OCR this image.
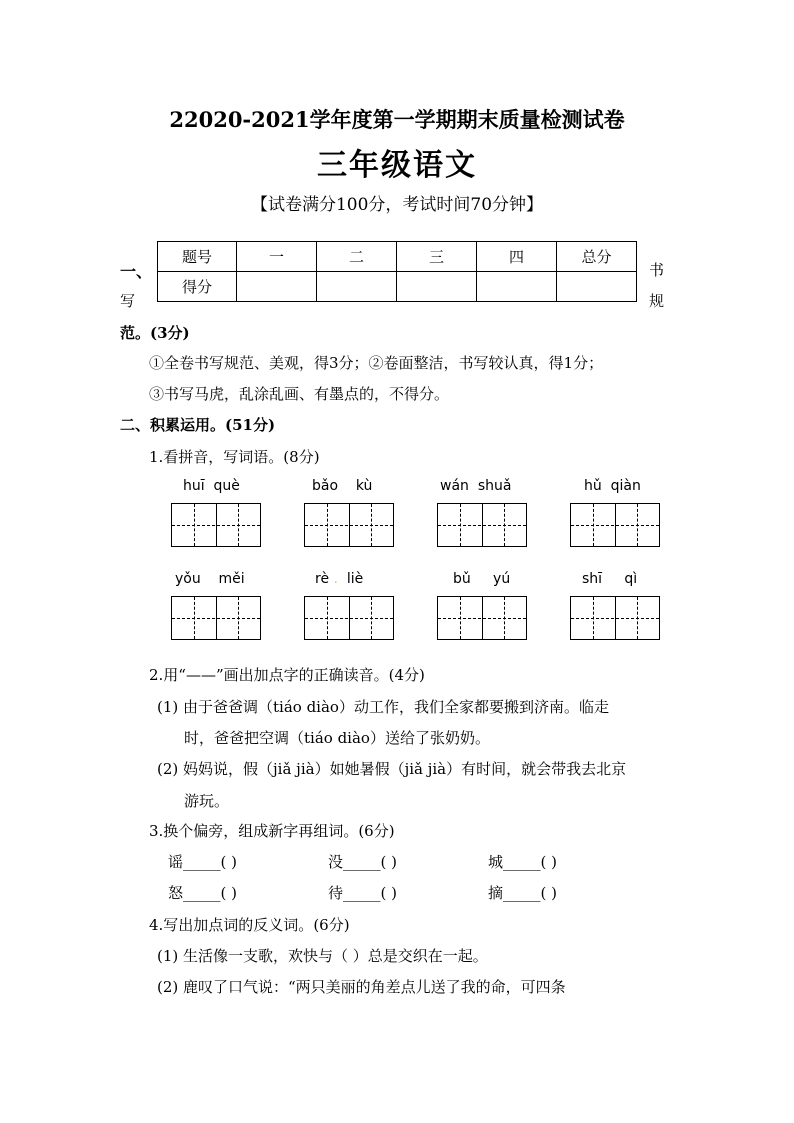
22020-2021学年度第一学期期末质量检测试卷
三年级语文
【试卷满分100分，考试时间70分钟】
一、
写
书
规
题号	一	二	三	四	总分
得分					
范。(3分)
①全卷书写规范、美观，得3分；②卷面整洁，书写较认真，得1分；
③书写马虎，乱涂乱画、有墨点的，不得分。
二、积累运用。(51分)
1.看拼音，写词语。(8分)
huī què	bǎo kù	wán shuǎ	hǔ qiàn
yǒu měi	rè . liè	bǔ yú	shī qì
2.用“——”画出加点字的正确读音。(4分)
(1) 由于爸爸调（tiáo diào）动工作，我们全家都要搬到济南。临走
时，爸爸把空调（tiáo diào）送给了张奶奶。
(2) 妈妈说，假（jiǎ jià）如她暑假（jiǎ jià）有时间，就会带我去北京
游玩。
3.换个偏旁，组成新字再组词。(6分)
谣_____( )	没_____( )	城_____( )
怒_____( )	待_____( )	摘_____( )
4.写出加点词的反义词。(6分)
(1) 生活像一支歌，欢快与（ ）总是交织在一起。
(2) 鹿叹了口气说：“两只美丽的角差点儿送了我的命，可四条
